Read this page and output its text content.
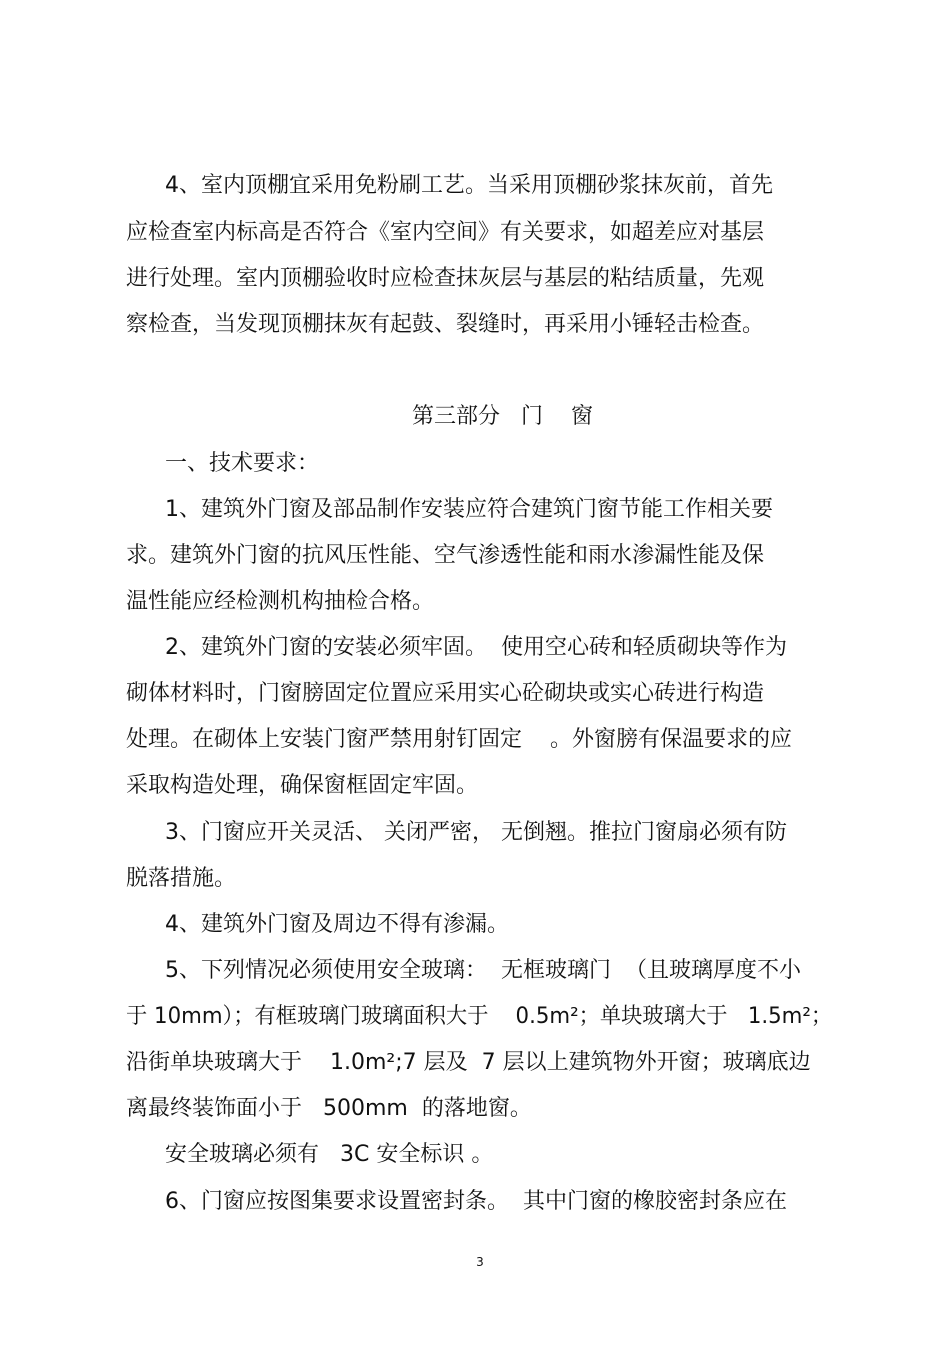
4、室内顶棚宜采用免粉刷工艺。当采用顶棚砂浆抹灰前，首先
应检查室内标高是否符合《室内空间》有关要求，如超差应对基层
进行处理。室内顶棚验收时应检查抹灰层与基层的粘结质量，先观
察检查，当发现顶棚抹灰有起鼓、裂缝时，再采用小锤轻击检查。
第三部分   门    窗
一、技术要求：
1、建筑外门窗及部品制作安装应符合建筑门窗节能工作相关要
求。建筑外门窗的抗风压性能、空气渗透性能和雨水渗漏性能及保
温性能应经检测机构抽检合格。
2、建筑外门窗的安装必须牢固。  使用空心砖和轻质砌块等作为
砌体材料时，门窗膀固定位置应采用实心砼砌块或实心砖进行构造
处理。在砌体上安装门窗严禁用射钉固定    。外窗膀有保温要求的应
采取构造处理，确保窗框固定牢固。
3、门窗应开关灵活、 关闭严密， 无倒翘。推拉门窗扇必须有防
脱落措施。
4、建筑外门窗及周边不得有渗漏。
5、下列情况必须使用安全玻璃：  无框玻璃门  （且玻璃厚度不小
于 10mm）；有框玻璃门玻璃面积大于    0.5m²；单块玻璃大于   1.5m²；
沿街单块玻璃大于    1.0m²;7 层及  7 层以上建筑物外开窗；玻璃底边
离最终装饰面小于   500mm  的落地窗。
安全玻璃必须有   3C 安全标识 。
6、门窗应按图集要求设置密封条。  其中门窗的橡胶密封条应在
3
